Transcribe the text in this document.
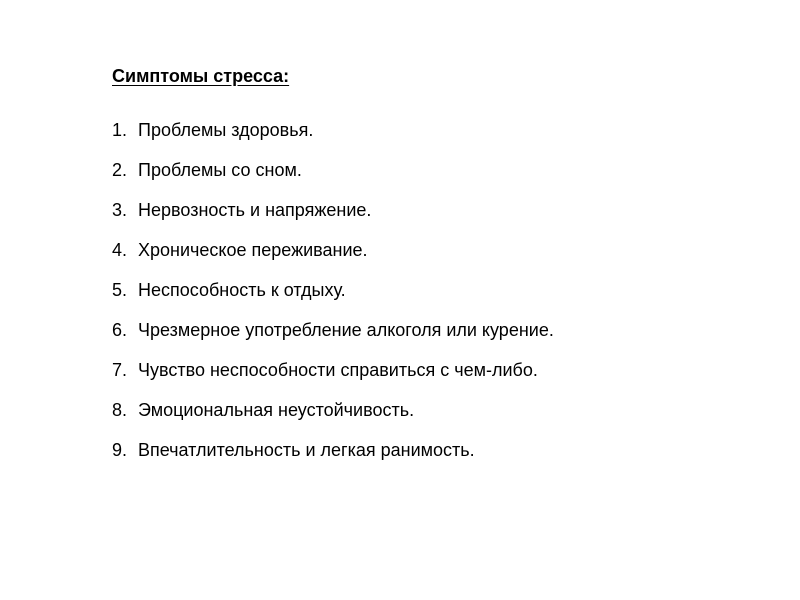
Симптомы стресса:
1. Проблемы здоровья.
2. Проблемы со сном.
3. Нервозность и напряжение.
4. Хроническое переживание.
5. Неспособность к отдыху.
6. Чрезмерное употребление алкоголя или курение.
7. Чувство неспособности справиться с чем-либо.
8. Эмоциональная неустойчивость.
9. Впечатлительность и легкая ранимость.
